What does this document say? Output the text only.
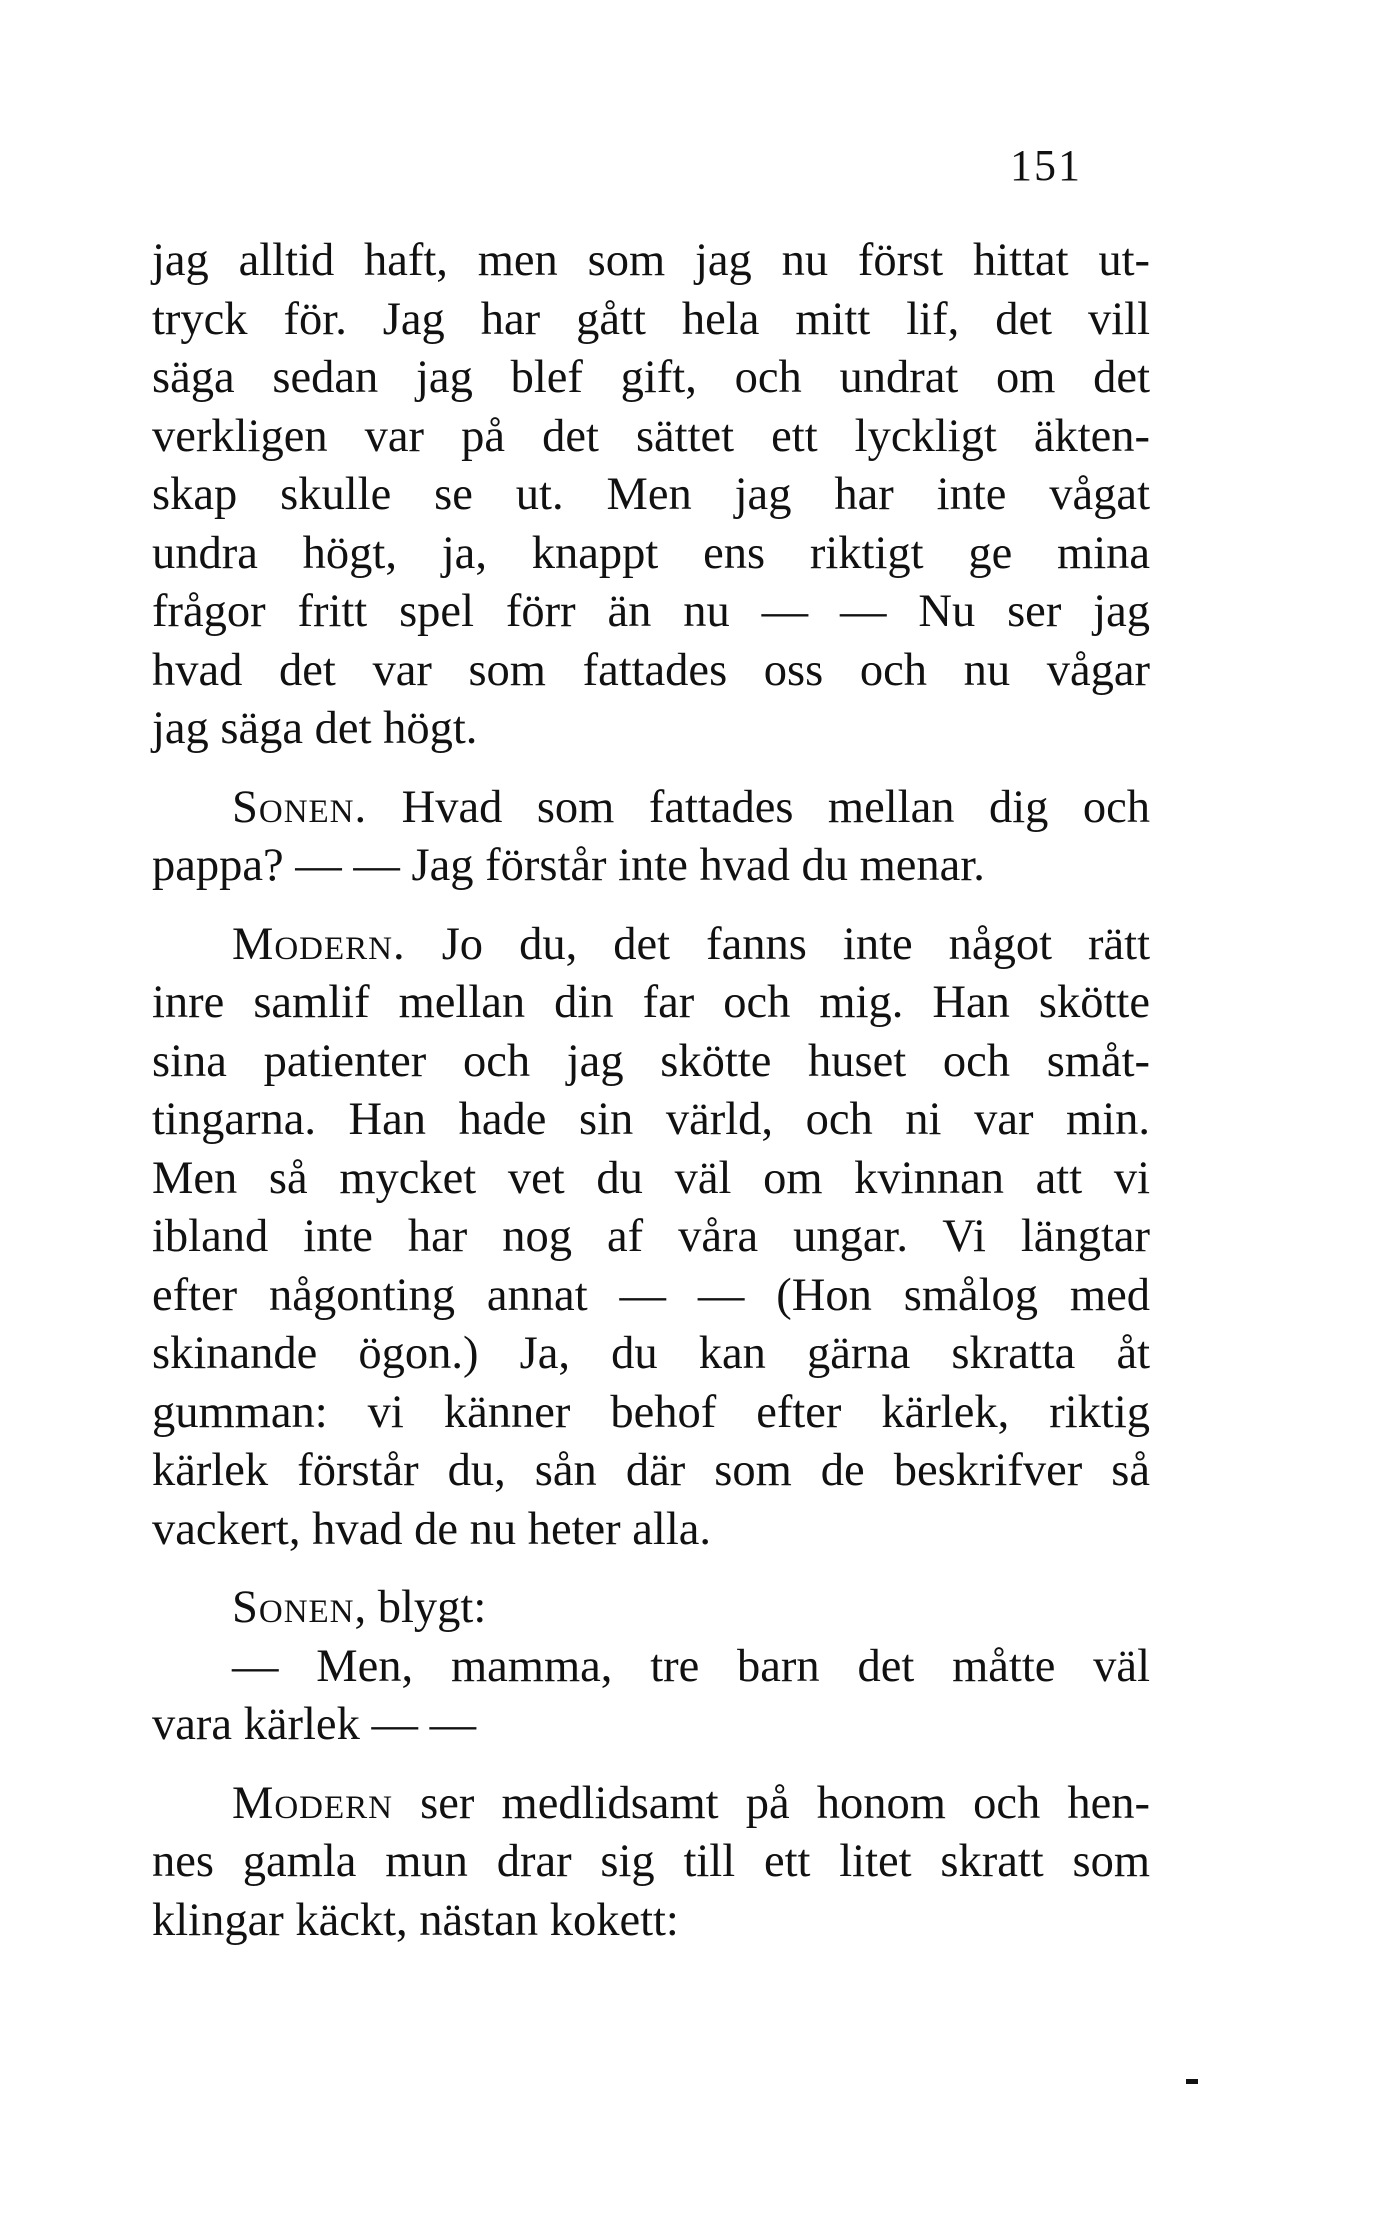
151

jag alltid haft, men som jag nu först hittat ut-
tryck för. Jag har gått hela mitt lif, det vill
säga sedan jag blef gift, och undrat om det
verkligen var på det sättet ett lyckligt äkten-
skap skulle se ut. Men jag har inte vågat
undra högt, ja, knappt ens riktigt ge mina
frågor fritt spel förr än nu — — Nu ser jag
hvad det var som fattades oss och nu vågar
jag säga det högt.

Sonen. Hvad som fattades mellan dig och
pappa? — — Jag förstår inte hvad du menar.

Modern. Jo du, det fanns inte något rätt
inre samlif mellan din far och mig. Han skötte
sina patienter och jag skötte huset och småt-
tingarna. Han hade sin värld, och ni var min.
Men så mycket vet du väl om kvinnan att vi
ibland inte har nog af våra ungar. Vi längtar
efter någonting annat — — (Hon smålog med
skinande ögon.) Ja, du kan gärna skratta åt
gumman: vi känner behof efter kärlek, riktig
kärlek förstår du, sån där som de beskrifver så
vackert, hvad de nu heter alla.

Sonen, blygt:

— Men, mamma, tre barn det måtte väl
vara kärlek — —

Modern ser medlidsamt på honom och hen-
nes gamla mun drar sig till ett litet skratt som
klingar käckt, nästan kokett:
